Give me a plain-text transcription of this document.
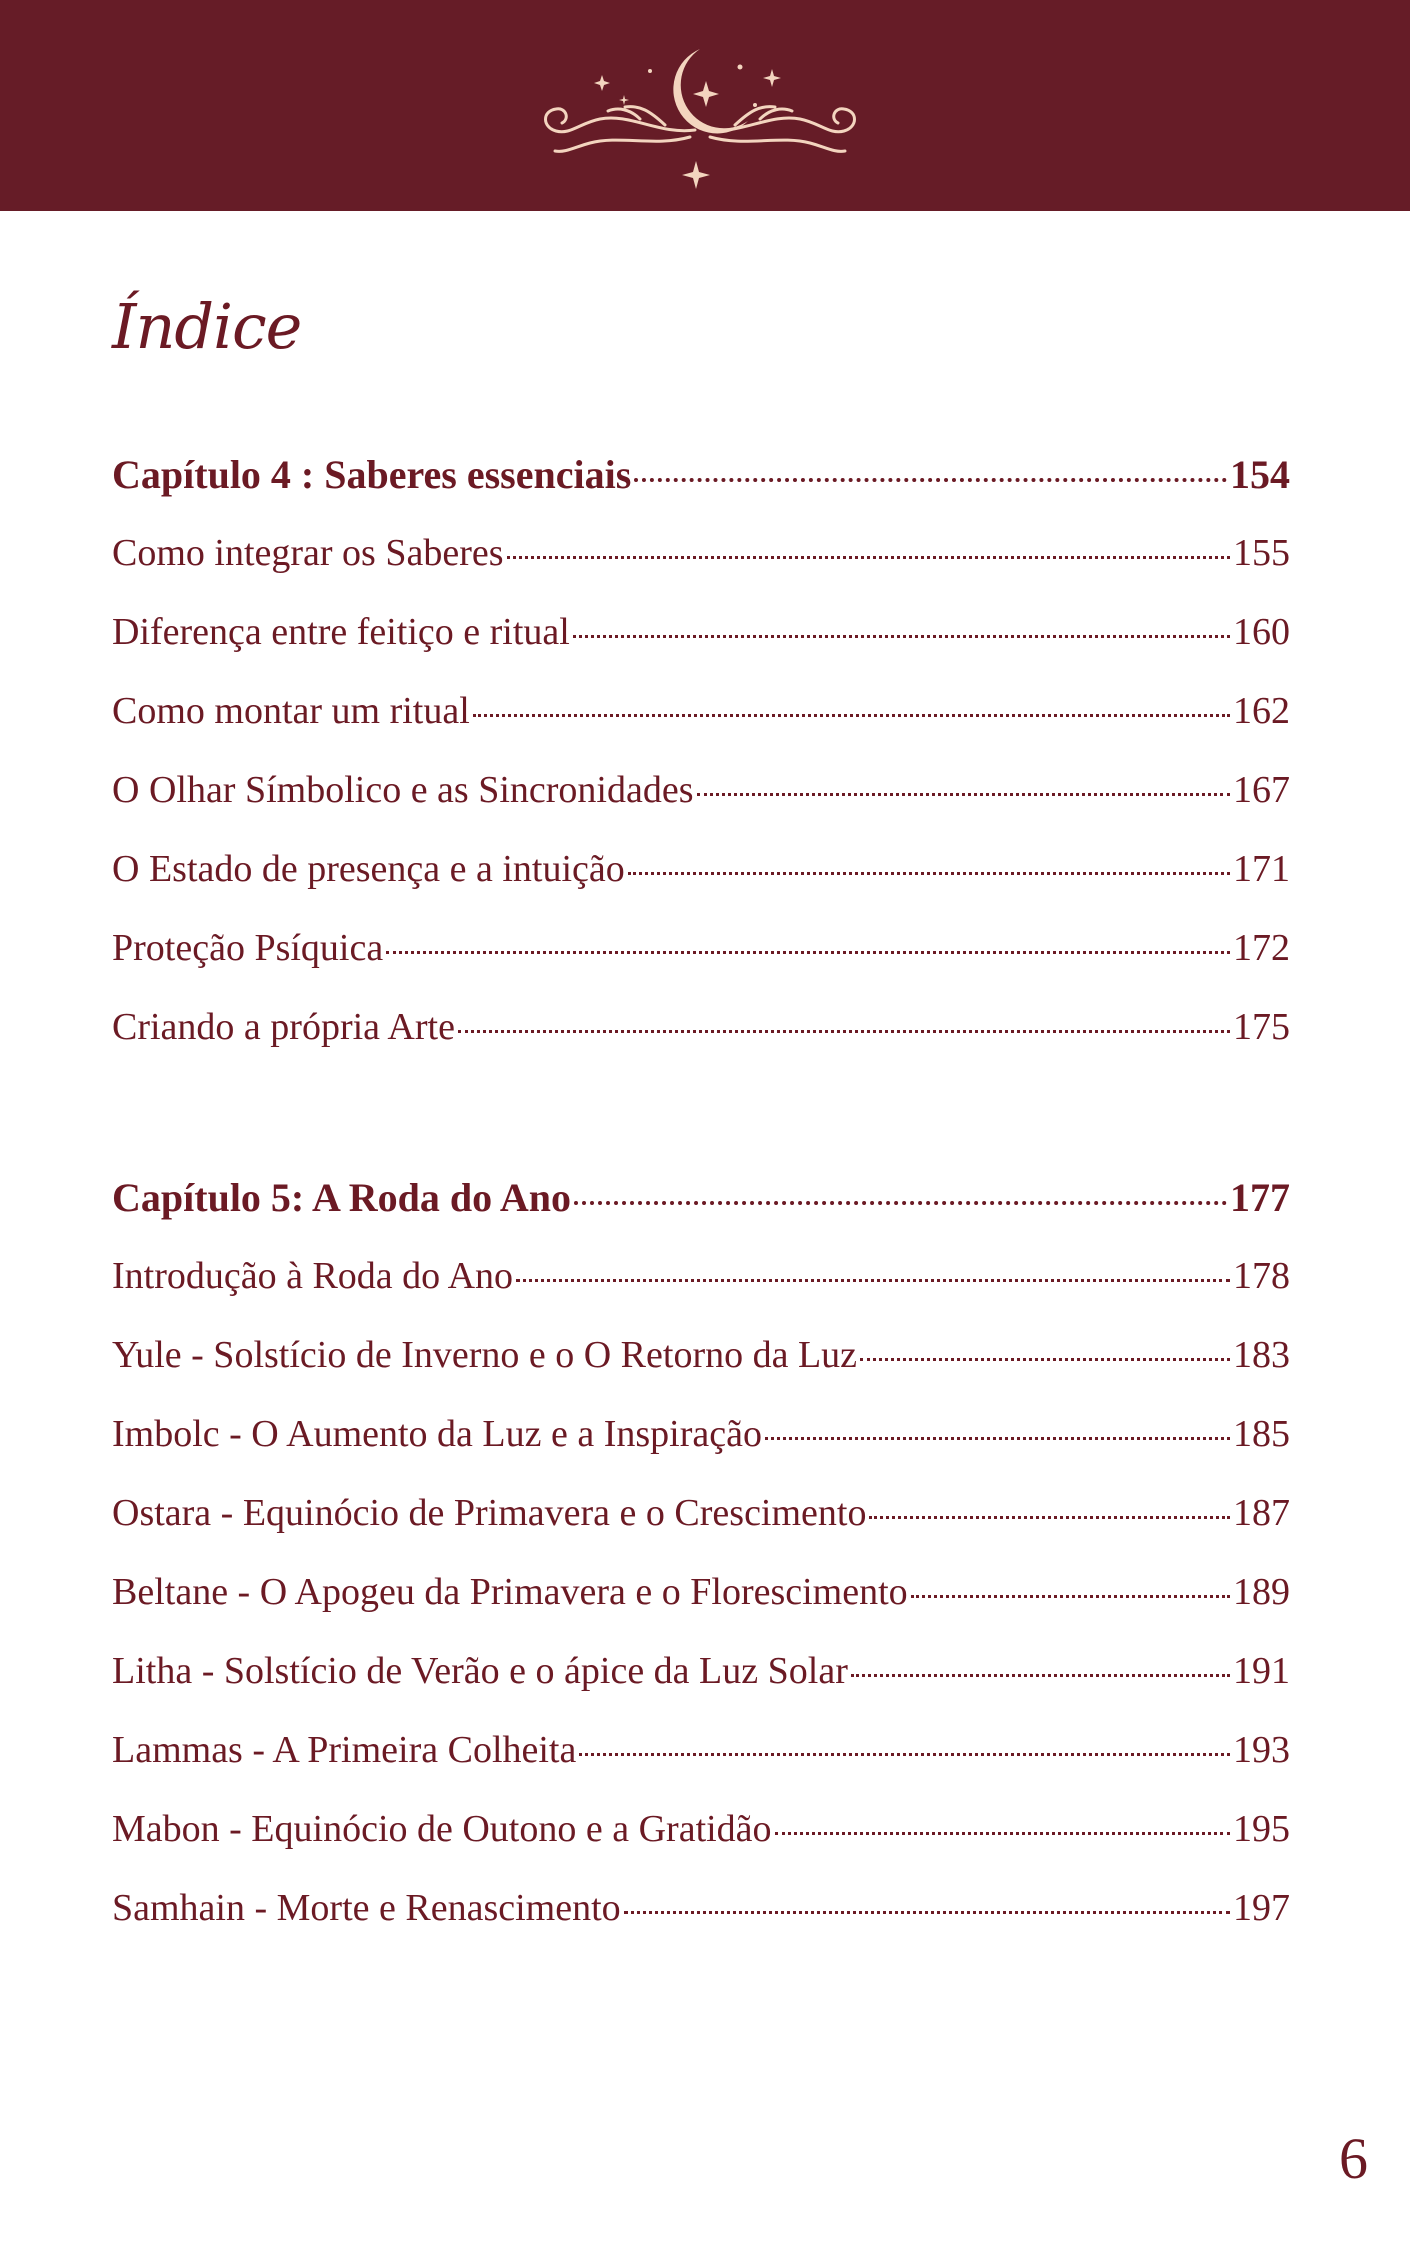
Índice
Capítulo 4 : Saberes essenciais	154
Como integrar os Saberes	155
Diferença entre feitiço e ritual	160
Como montar um ritual	162
O Olhar Símbolico e as Sincronidades	167
O Estado de presença e a intuição	171
Proteção Psíquica	172
Criando a própria Arte	175
Capítulo 5: A Roda do Ano	177
Introdução à Roda do Ano	178
Yule - Solstício de Inverno e o O Retorno da Luz	183
Imbolc - O Aumento da Luz e a Inspiração	185
Ostara - Equinócio de Primavera e o Crescimento	187
Beltane - O Apogeu da Primavera e o Florescimento	189
Litha - Solstício de Verão e o ápice da Luz Solar	191
Lammas - A Primeira Colheita	193
Mabon - Equinócio de Outono e a Gratidão	195
Samhain - Morte e Renascimento	197
6
